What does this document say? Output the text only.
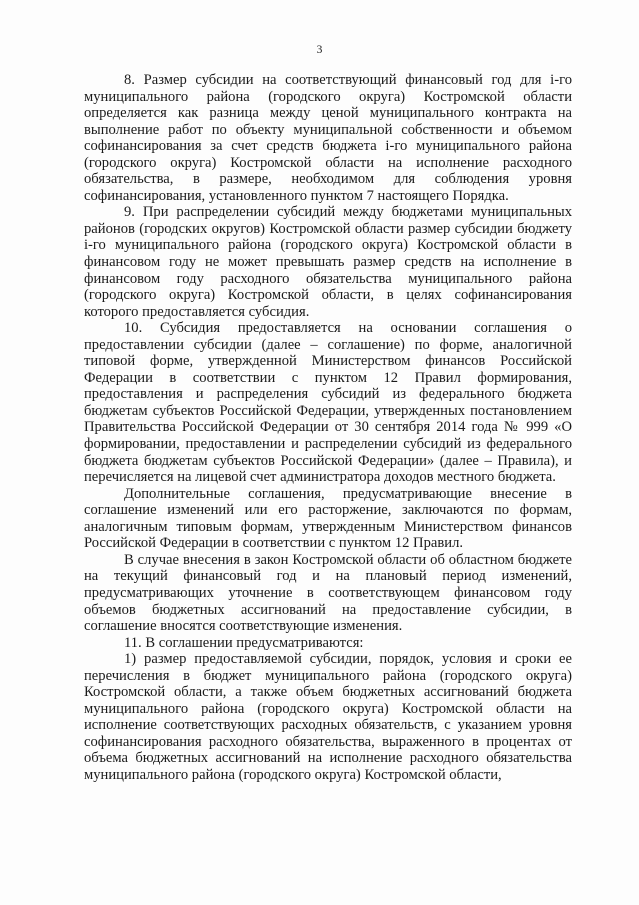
3

8. Размер субсидии на соответствующий финансовый год для i-го муниципального района (городского округа) Костромской области определяется как разница между ценой муниципального контракта на выполнение работ по объекту муниципальной собственности и объемом софинансирования за счет средств бюджета i-го муниципального района (городского округа) Костромской области на исполнение расходного обязательства, в размере, необходимом для соблюдения уровня софинансирования, установленного пунктом 7 настоящего Порядка.

9. При распределении субсидий между бюджетами муниципальных районов (городских округов) Костромской области размер субсидии бюджету i-го муниципального района (городского округа) Костромской области в финансовом году не может превышать размер средств на исполнение в финансовом году расходного обязательства муниципального района (городского округа) Костромской области, в целях софинансирования которого предоставляется субсидия.

10. Субсидия предоставляется на основании соглашения о предоставлении субсидии (далее – соглашение) по форме, аналогичной типовой форме, утвержденной Министерством финансов Российской Федерации в соответствии с пунктом 12 Правил формирования, предоставления и распределения субсидий из федерального бюджета бюджетам субъектов Российской Федерации, утвержденных постановлением Правительства Российской Федерации от 30 сентября 2014 года № 999 «О формировании, предоставлении и распределении субсидий из федерального бюджета бюджетам субъектов Российской Федерации» (далее – Правила), и перечисляется на лицевой счет администратора доходов местного бюджета.

Дополнительные соглашения, предусматривающие внесение в соглашение изменений или его расторжение, заключаются по формам, аналогичным типовым формам, утвержденным Министерством финансов Российской Федерации в соответствии с пунктом 12 Правил.

В случае внесения в закон Костромской области об областном бюджете на текущий финансовый год и на плановый период изменений, предусматривающих уточнение в соответствующем финансовом году объемов бюджетных ассигнований на предоставление субсидии, в соглашение вносятся соответствующие изменения.

11. В соглашении предусматриваются:

1) размер предоставляемой субсидии, порядок, условия и сроки ее перечисления в бюджет муниципального района (городского округа) Костромской области, а также объем бюджетных ассигнований бюджета муниципального района (городского округа) Костромской области на исполнение соответствующих расходных обязательств, с указанием уровня софинансирования расходного обязательства, выраженного в процентах от объема бюджетных ассигнований на исполнение расходного обязательства муниципального района (городского округа) Костромской области,
